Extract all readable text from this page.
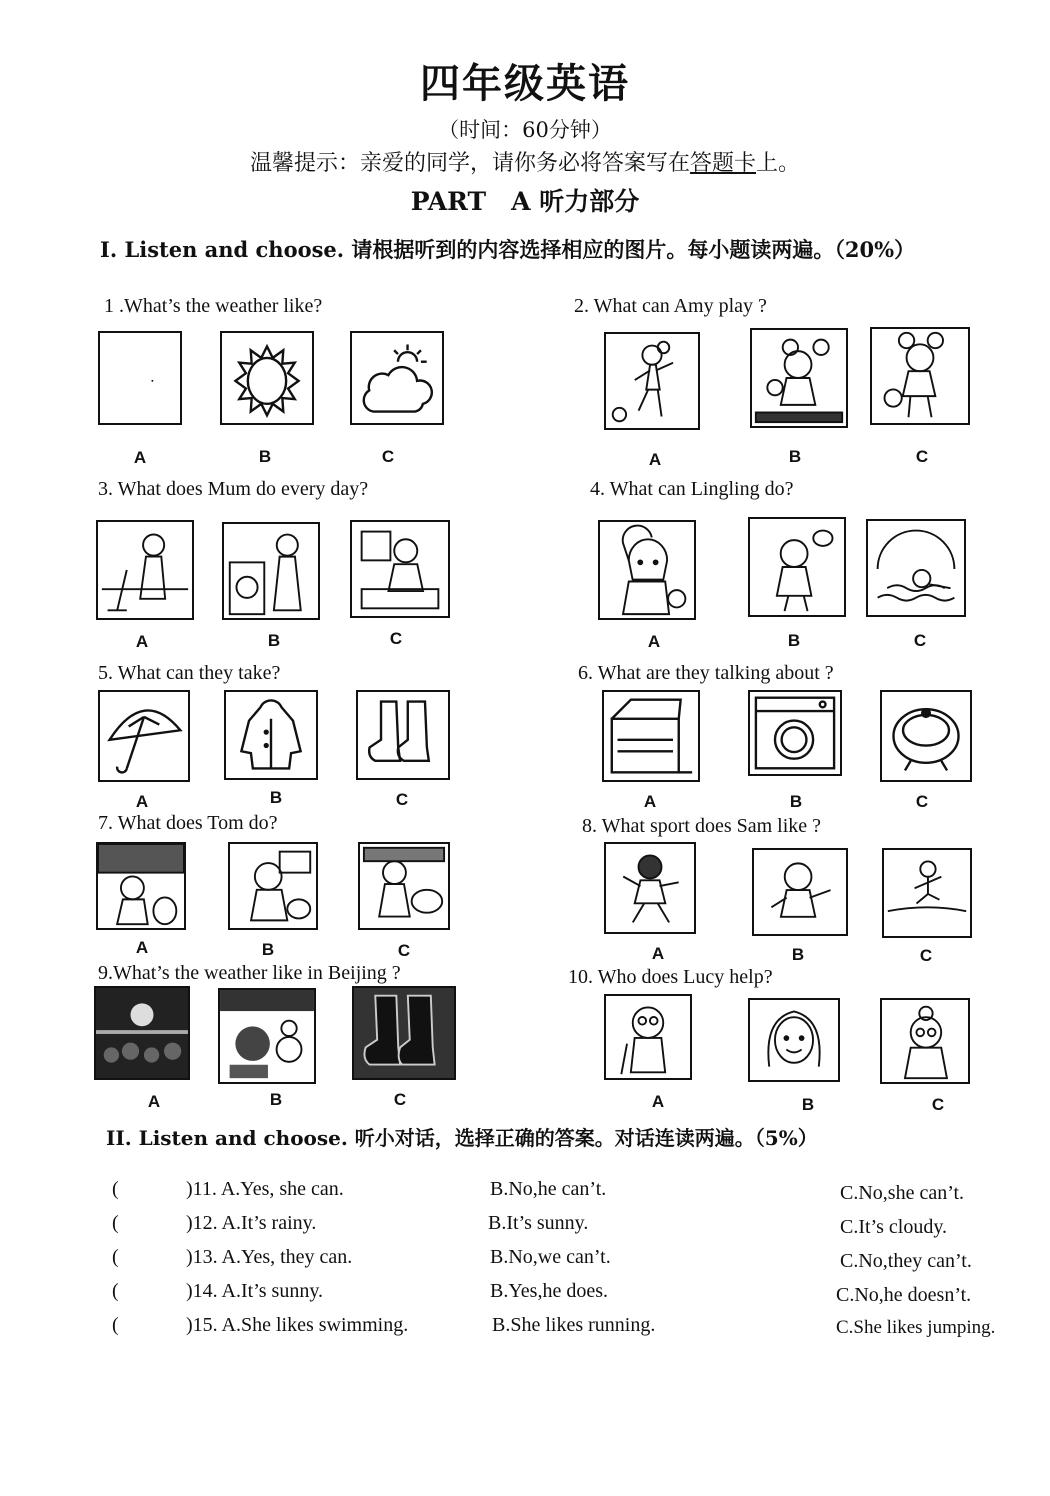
四年级英语
（时间：60分钟）
温馨提示：亲爱的同学，请你务必将答案写在答题卡上。
PART　A 听力部分
I. Listen and choose. 请根据听到的内容选择相应的图片。每小题读两遍。（20%）
1 .What’s the weather like?
A	B	C
2. What can Amy play ?
A	B	C
3. What does Mum do every day?
A	B	C
4. What can Lingling do?
A	B	C
5. What can they take?
A	B	C
6. What are they talking about ?
A	B	C
7. What does Tom do?
A	B	C
8. What sport does Sam like ?
A	B	C
9.What’s the weather like in Beijing ?
A	B	C
10. Who does Lucy help?
A	B	C
II. Listen and choose. 听小对话，选择正确的答案。对话连读两遍。（5%）
(	)11. A.Yes, she can.	B.No,he can’t.	C.No,she can’t.
(	)12. A.It’s rainy.	B.It’s sunny.	C.It’s cloudy.
(	)13. A.Yes, they can.	B.No,we can’t.	C.No,they can’t.
(	)14. A.It’s sunny.	B.Yes,he does.	C.No,he doesn’t.
(	)15. A.She likes swimming.	B.She likes running.	C.She likes jumping.
